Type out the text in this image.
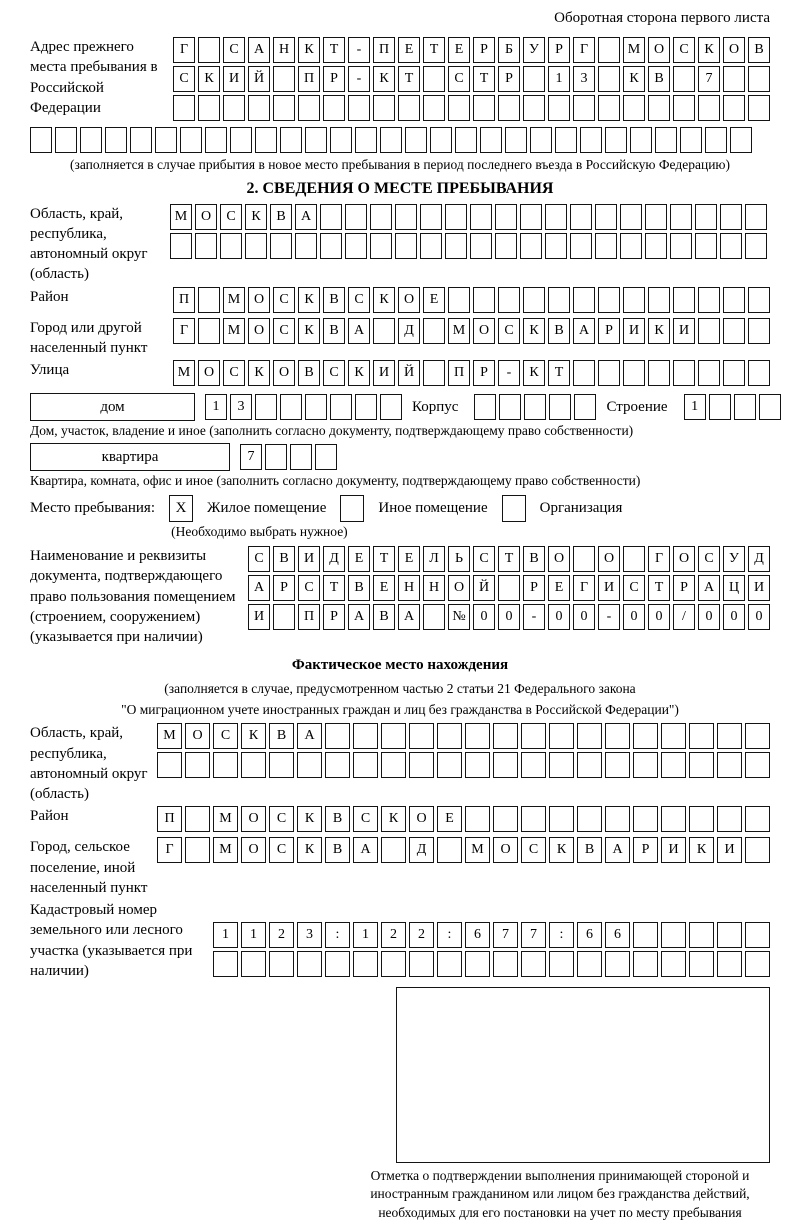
Оборотная сторона первого листа
Адрес прежнего места пребывания в Российской Федерации
Г	С	А	Н	К	Т	-	П	Е	Т	Е	Р	Б	У	Р	Г	М О	С	К	О	В
С	К	И	Й	П	Р	-	К	Т	С	Т	Р	1	3	К	В	7
(заполняется в случае прибытия в новое место пребывания в период последнего въезда в Российскую Федерацию)
2. СВЕДЕНИЯ О МЕСТЕ ПРЕБЫВАНИЯ
Область, край, республика, автономный округ (область)
М О	С	К	В	А
Район	П	М О	С	К	В	С	К	О	Е
Город или другой населенный пункт
Г	М О	С	К	В	А	Д	М О	С	К	В	А	Р	И	К	И
Улица	М О	С	К	О	В	С	К	И	Й	П	Р	-	К	Т
дом	1	3	Корпус	Строение	1
Дом, участок, владение и иное (заполнить согласно документу, подтверждающему право собственности)
квартира	7
Квартира, комната, офис и иное (заполнить согласно документу, подтверждающему право собственности)
Место пребывания:	X	Жилое помещение	Иное помещение	Организация
(Необходимо выбрать нужное)
Наименование и реквизиты документа, подтверждающего право пользования помещением (строением, сооружением) (указывается при наличии)
С	В	И	Д	Е	Т	Е	Л	Ь	С	Т	В	О	О	Г	О	С	У	Д
А	Р	С	Т	В	Е	Н	Н	О	Й	Р	Е	Г	И	С	Т	Р	А	Ц	И
И	П	Р	А	В	А	№	0	0	-	0	0	-	0	0	/	0	0	0
Фактическое место нахождения
(заполняется в случае, предусмотренном частью 2 статьи 21 Федерального закона
"О миграционном учете иностранных граждан и лиц без гражданства в Российской Федерации")
Область, край, республика, автономный округ (область)
М	О	С	К	В	А
Район	П	М	О	С	К	В	С	К	О	Е
Город, сельское поселение, иной населенный пункт
Г	М	О	С	К	В	А	Д	М	О	С	К	В	А	Р	И	К	И
Кадастровый номер земельного или лесного участка (указывается при наличии)
1	1	2	3	:	1	2	2	:	6	7	7	:	6	6
Отметка о подтверждении выполнения принимающей стороной и иностранным гражданином или лицом без гражданства действий, необходимых для его постановки на учет по месту пребывания
